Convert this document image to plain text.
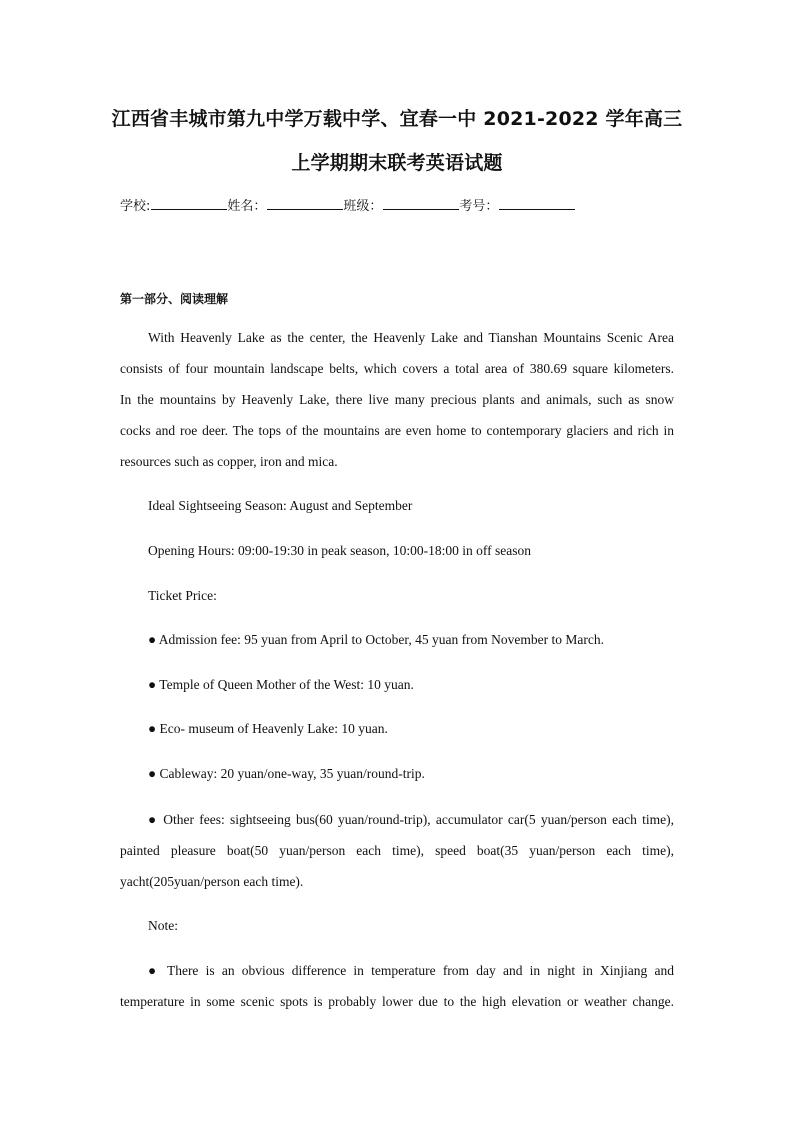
江西省丰城市第九中学万载中学、宜春一中 2021-2022 学年高三
上学期期末联考英语试题
学校:	姓名：	班级：	考号：
第一部分、阅读理解
With Heavenly Lake as the center, the Heavenly Lake and Tianshan Mountains Scenic Area
consists of four mountain landscape belts, which covers a total area of 380.69 square kilometers.
In the mountains by Heavenly Lake, there live many precious plants and animals, such as snow
cocks and roe deer. The tops of the mountains are even home to contemporary glaciers and rich in
resources such as copper, iron and mica.
Ideal Sightseeing Season: August and September
Opening Hours: 09:00-19:30 in peak season, 10:00-18:00 in off season
Ticket Price:
● Admission fee: 95 yuan from April to October, 45 yuan from November to March.
● Temple of Queen Mother of the West: 10 yuan.
● Eco- museum of Heavenly Lake: 10 yuan.
● Cableway: 20 yuan/one-way, 35 yuan/round-trip.
● Other fees: sightseeing bus(60 yuan/round-trip), accumulator car(5 yuan/person each time),
painted pleasure boat(50 yuan/person each time), speed boat(35 yuan/person each time),
yacht(205yuan/person each time).
Note:
● There is an obvious difference in temperature from day and in night in Xinjiang and
temperature in some scenic spots is probably lower due to the high elevation or weather change.
